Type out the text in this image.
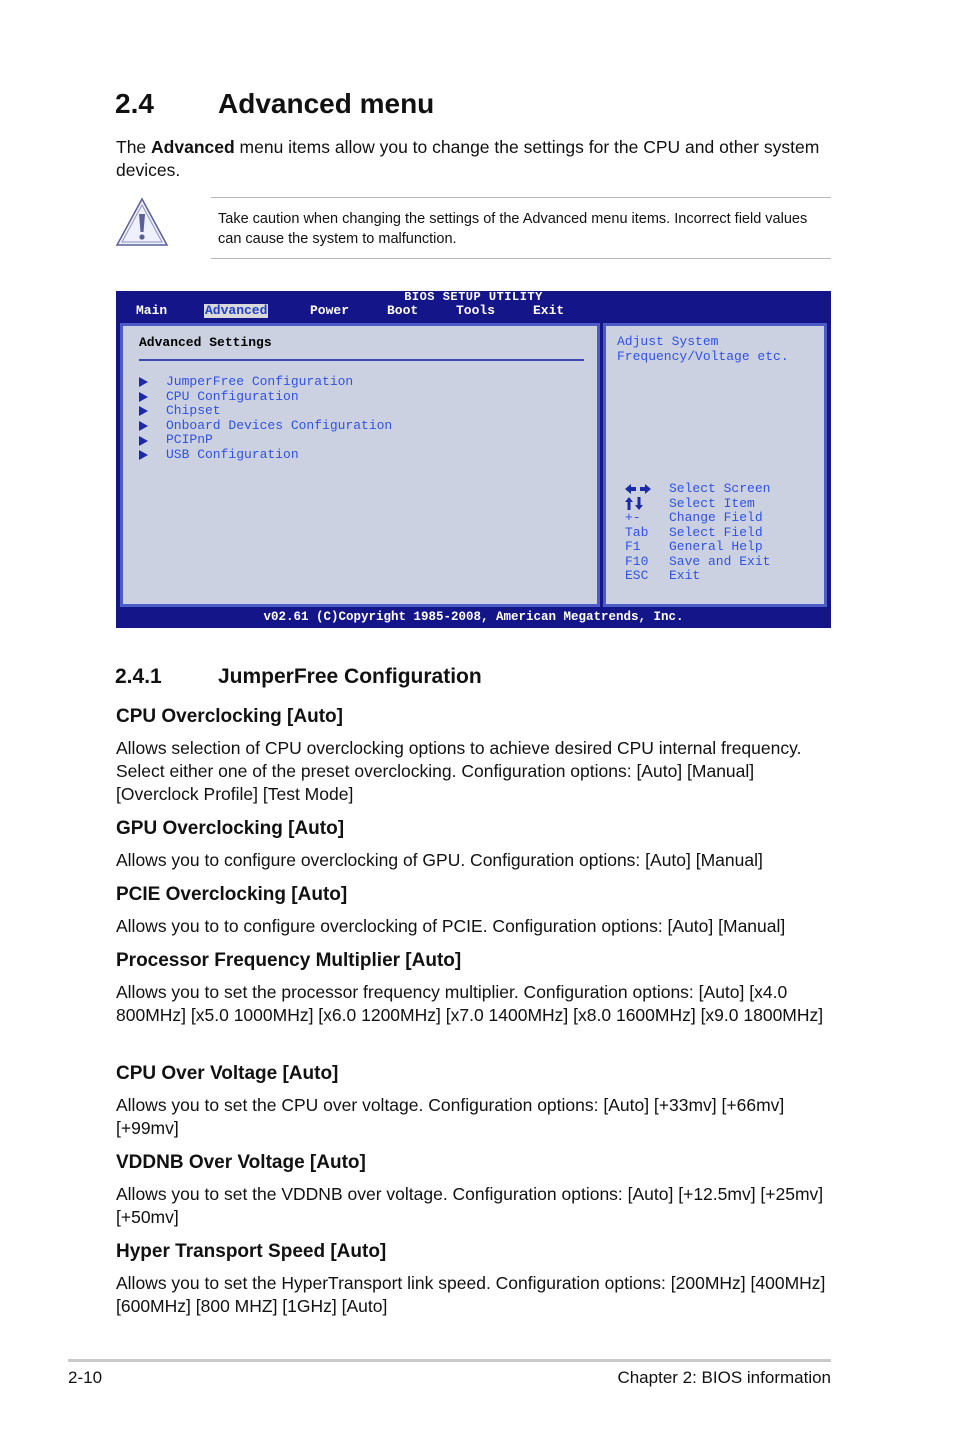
2.4 Advanced menu

The Advanced menu items allow you to change the settings for the CPU and other system devices.

Take caution when changing the settings of the Advanced menu items. Incorrect field values can cause the system to malfunction.
BIOS SETUP UTILITY
Main	Advanced	Power	Boot	Tools	Exit
Advanced Settings
JumperFree Configuration
CPU Configuration
Chipset
Onboard Devices Configuration
PCIPnP
USB Configuration
Adjust System Frequency/Voltage etc.
Select Screen
Select Item
+- Change Field
Tab Select Field
F1 General Help
F10 Save and Exit
ESC Exit
v02.61 (C)Copyright 1985-2008, American Megatrends, Inc.
2.4.1	JumperFree Configuration
CPU Overclocking [Auto]

Allows selection of CPU overclocking options to achieve desired CPU internal frequency. Select either one of the preset overclocking. Configuration options: [Auto] [Manual] [Overclock Profile] [Test Mode]

GPU Overclocking [Auto]

Allows you to configure overclocking of GPU. Configuration options: [Auto] [Manual]

PCIE Overclocking [Auto]

Allows you to to configure overclocking of PCIE. Configuration options: [Auto] [Manual]

Processor Frequency Multiplier [Auto]

Allows you to set the processor frequency multiplier. Configuration options: [Auto] [x4.0 800MHz] [x5.0 1000MHz] [x6.0 1200MHz] [x7.0 1400MHz] [x8.0 1600MHz] [x9.0 1800MHz]

CPU Over Voltage [Auto]

Allows you to set the CPU over voltage. Configuration options: [Auto] [+33mv] [+66mv] [+99mv]

VDDNB Over Voltage [Auto]

Allows you to set the VDDNB over voltage. Configuration options: [Auto] [+12.5mv] [+25mv] [+50mv]

Hyper Transport Speed [Auto]

Allows you to set the HyperTransport link speed. Configuration options: [200MHz] [400MHz] [600MHz] [800 MHZ] [1GHz] [Auto]

2-10	Chapter 2: BIOS information
